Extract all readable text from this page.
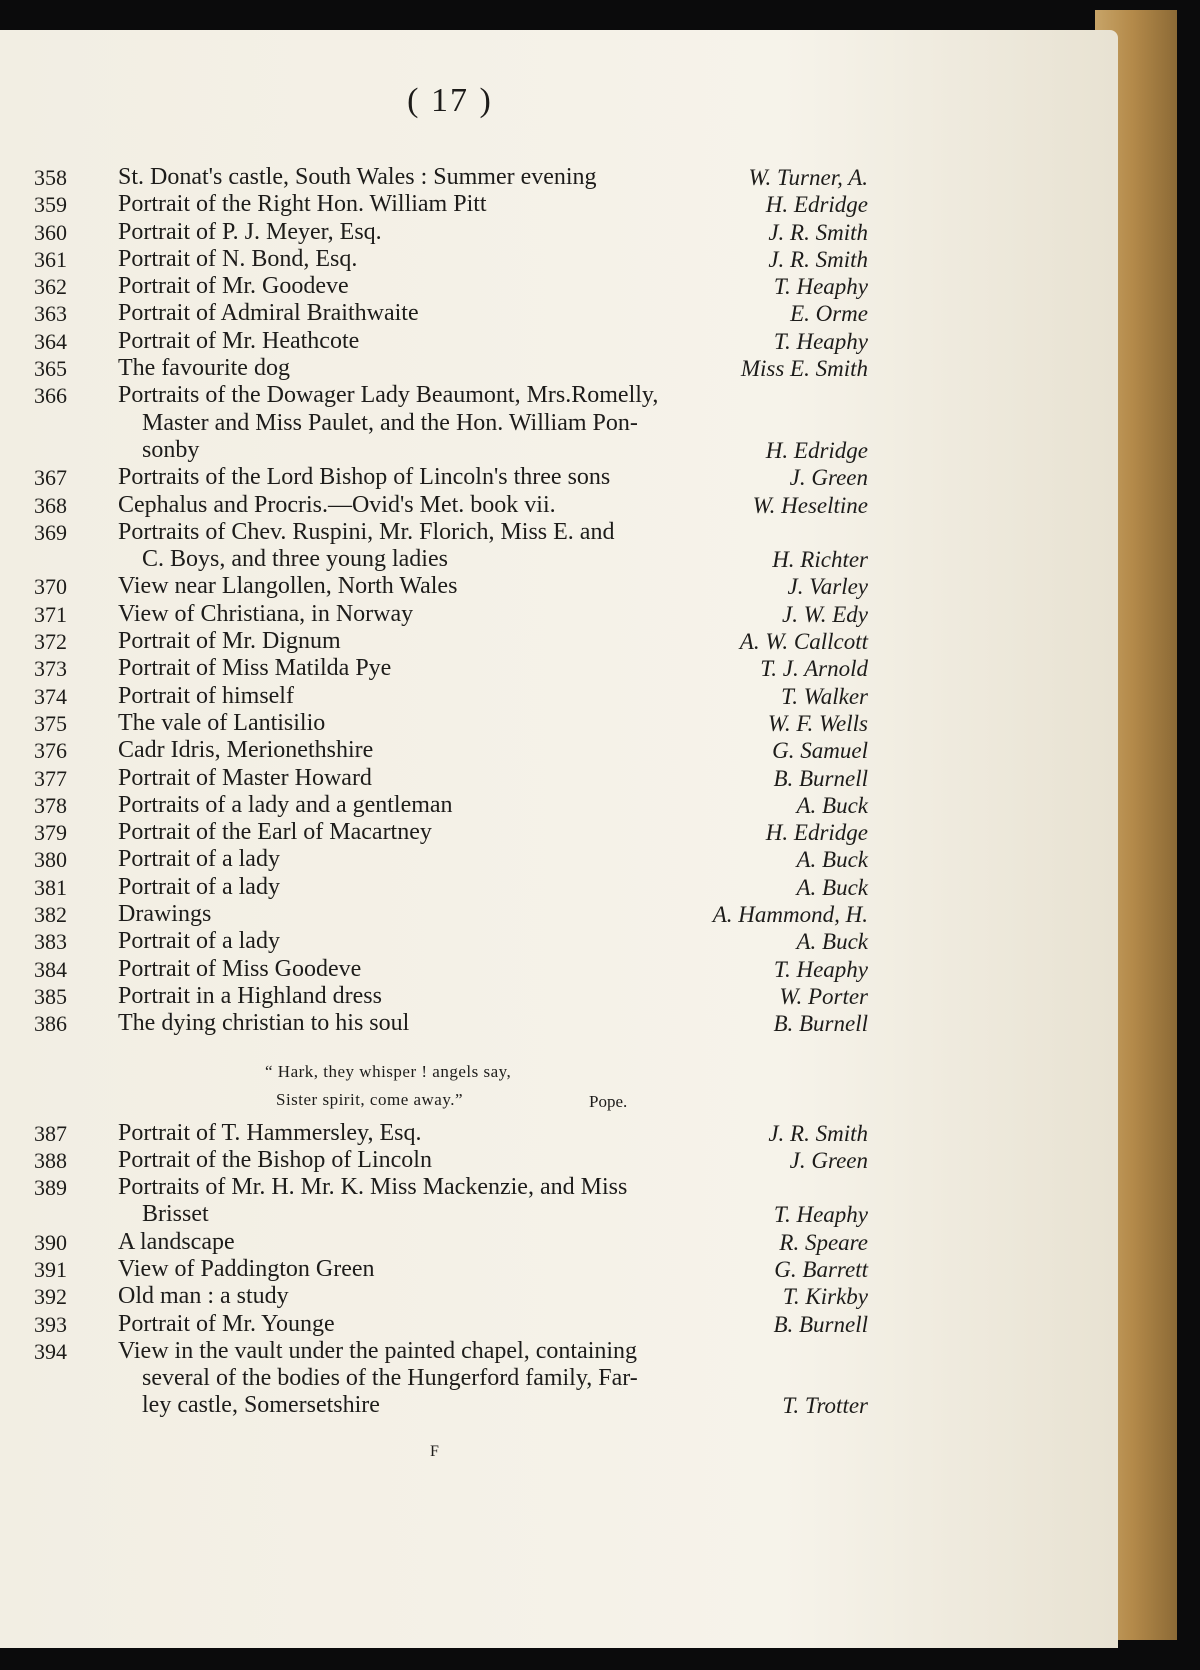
( 17 )
358	St. Donat's castle, South Wales : Summer evening	W. Turner, A.
359	Portrait of the Right Hon. William Pitt	H. Edridge
360	Portrait of P. J. Meyer, Esq.	J. R. Smith
361	Portrait of N. Bond, Esq.	J. R. Smith
362	Portrait of Mr. Goodeve	T. Heaphy
363	Portrait of Admiral Braithwaite	E. Orme
364	Portrait of Mr. Heathcote	T. Heaphy
365	The favourite dog	Miss E. Smith
366	Portraits of the Dowager Lady Beaumont, Mrs.Romelly,
Master and Miss Paulet, and the Hon. William Pon-
sonby	H. Edridge
367	Portraits of the Lord Bishop of Lincoln's three sons	J. Green
368	Cephalus and Procris.—Ovid's Met. book vii.	W. Heseltine
369	Portraits of Chev. Ruspini, Mr. Florich, Miss E. and
C. Boys, and three young ladies	H. Richter
370	View near Llangollen, North Wales	J. Varley
371	View of Christiana, in Norway	J. W. Edy
372	Portrait of Mr. Dignum	A. W. Callcott
373	Portrait of Miss Matilda Pye	T. J. Arnold
374	Portrait of himself	T. Walker
375	The vale of Lantisilio	W. F. Wells
376	Cadr Idris, Merionethshire	G. Samuel
377	Portrait of Master Howard	B. Burnell
378	Portraits of a lady and a gentleman	A. Buck
379	Portrait of the Earl of Macartney	H. Edridge
380	Portrait of a lady	A. Buck
381	Portrait of a lady	A. Buck
382	Drawings	A. Hammond, H.
383	Portrait of a lady	A. Buck
384	Portrait of Miss Goodeve	T. Heaphy
385	Portrait in a Highland dress	W. Porter
386	The dying christian to his soul	B. Burnell
“ Hark, they whisper ! angels say,
Sister spirit, come away.”	Pope.
387	Portrait of T. Hammersley, Esq.	J. R. Smith
388	Portrait of the Bishop of Lincoln	J. Green
389	Portraits of Mr. H. Mr. K. Miss Mackenzie, and Miss
Brisset	T. Heaphy
390	A landscape	R. Speare
391	View of Paddington Green	G. Barrett
392	Old man : a study	T. Kirkby
393	Portrait of Mr. Younge	B. Burnell
394	View in the vault under the painted chapel, containing
several of the bodies of the Hungerford family, Far-
ley castle, Somersetshire	T. Trotter
F
